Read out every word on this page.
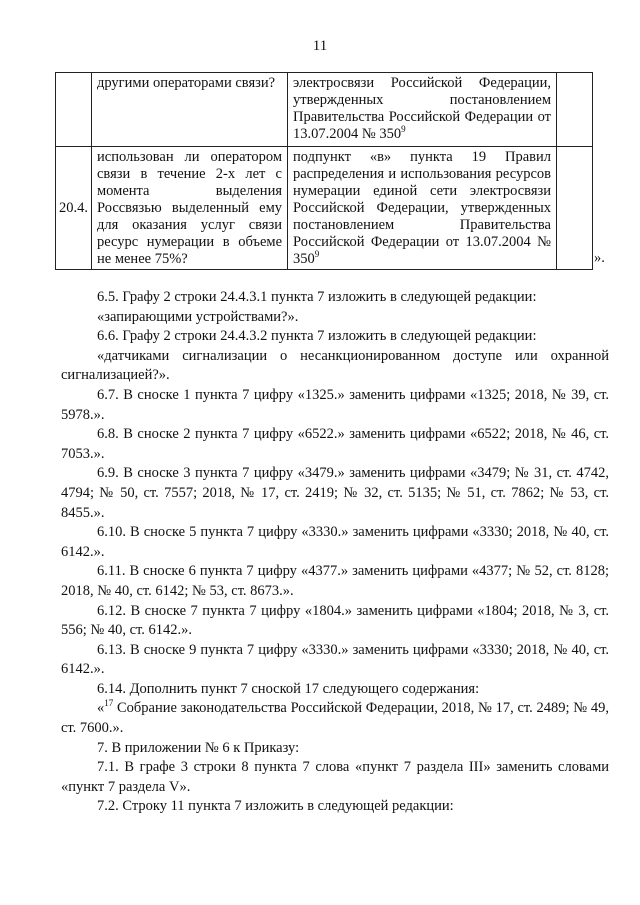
11
	другими операторами связи?	электросвязи Российской Федерации, утвержденных постановлением Правительства Российской Федерации от 13.07.2004 № $350^9$	
20.4.	использован ли оператором связи в течение 2-х лет с момента выделения Россвязью выделенный ему для оказания услуг связи ресурс нумерации в объеме не менее 75%?	подпункт «в» пункта 19 Правил распределения и использования ресурсов нумерации единой сети электросвязи Российской Федерации, утвержденных постановлением Правительства Российской Федерации от 13.07.2004 № $350^9$		».

6.5. Графу 2 строки 24.4.3.1 пункта 7 изложить в следующей редакции:

«запирающими устройствами?».

6.6. Графу 2 строки 24.4.3.2 пункта 7 изложить в следующей редакции:

«датчиками сигнализации о несанкционированном доступе или охранной сигнализацией?».

6.7. В сноске 1 пункта 7 цифру «1325.» заменить цифрами «1325; 2018, № 39, ст. 5978.».

6.8. В сноске 2 пункта 7 цифру «6522.» заменить цифрами «6522; 2018, № 46, ст. 7053.».

6.9. В сноске 3 пункта 7 цифру «3479.» заменить цифрами «3479; № 31, ст. 4742, 4794; № 50, ст. 7557; 2018, № 17, ст. 2419; № 32, ст. 5135; № 51, ст. 7862; № 53, ст. 8455.».

6.10. В сноске 5 пункта 7 цифру «3330.» заменить цифрами «3330; 2018, № 40, ст. 6142.».

6.11. В сноске 6 пункта 7 цифру «4377.» заменить цифрами «4377; № 52, ст. 8128; 2018, № 40, ст. 6142; № 53, ст. 8673.».

6.12. В сноске 7 пункта 7 цифру «1804.» заменить цифрами «1804; 2018, № 3, ст. 556; № 40, ст. 6142.».

6.13. В сноске 9 пункта 7 цифру «3330.» заменить цифрами «3330; 2018, № 40, ст. 6142.».

6.14. Дополнить пункт 7 сноской 17 следующего содержания:

«$^{17}$ Собрание законодательства Российской Федерации, 2018, № 17, ст. 2489; № 49, ст. 7600.».

7. В приложении № 6 к Приказу:

7.1. В графе 3 строки 8 пункта 7 слова «пункт 7 раздела III» заменить словами «пункт 7 раздела V».

7.2. Строку 11 пункта 7 изложить в следующей редакции:
